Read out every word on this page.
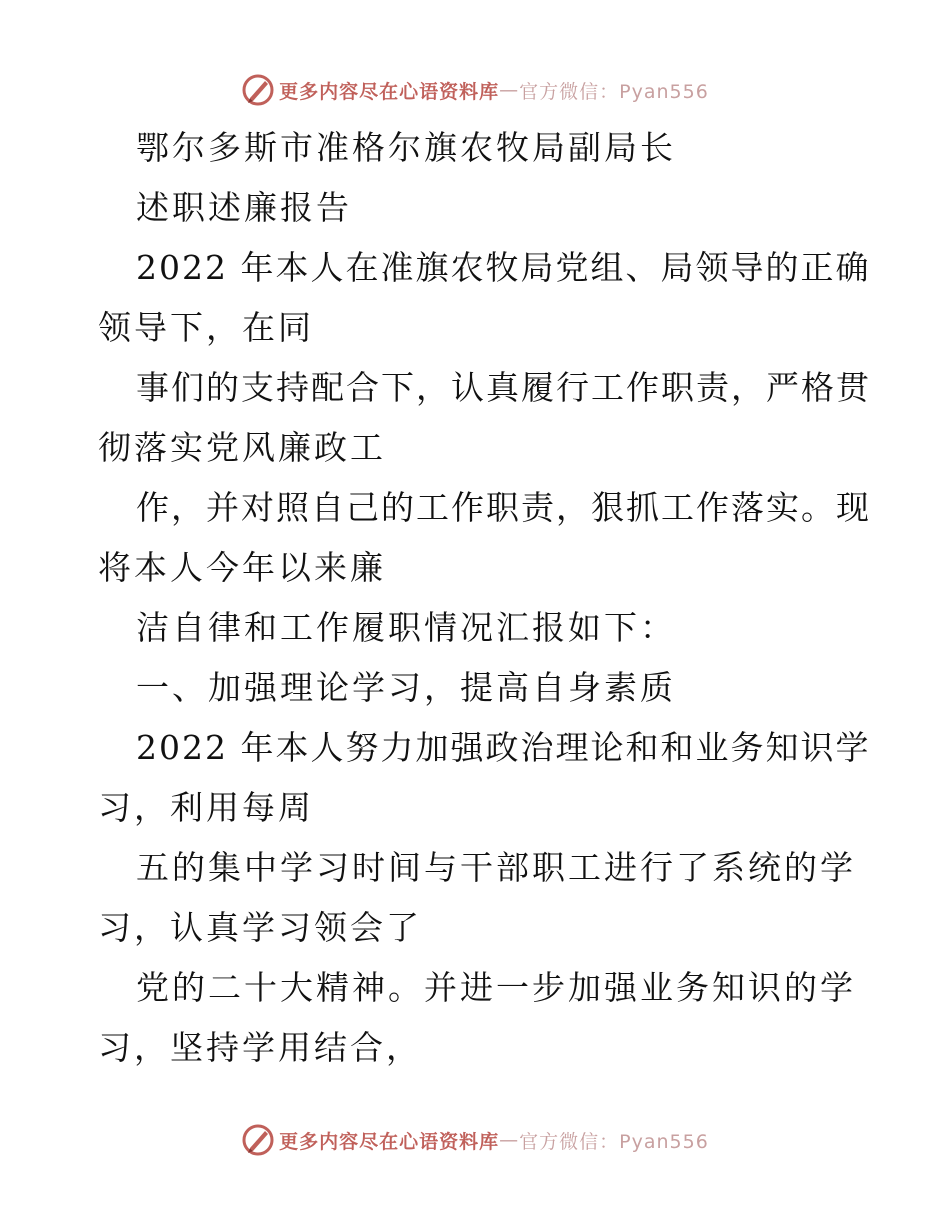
更多内容尽在心语资料库 — 官方微信：Pyan556
鄂尔多斯市准格尔旗农牧局副局长
述职述廉报告
2022 年本人在准旗农牧局党组、局领导的正确
领导下，在同
事们的支持配合下，认真履行工作职责，严格贯
彻落实党风廉政工
作，并对照自己的工作职责，狠抓工作落实。现
将本人今年以来廉
洁自律和工作履职情况汇报如下：
一、加强理论学习，提高自身素质
2022 年本人努力加强政治理论和和业务知识学
习，利用每周
五的集中学习时间与干部职工进行了系统的学
习，认真学习领会了
党的二十大精神。并进一步加强业务知识的学
习，坚持学用结合，
更多内容尽在心语资料库 — 官方微信：Pyan556
